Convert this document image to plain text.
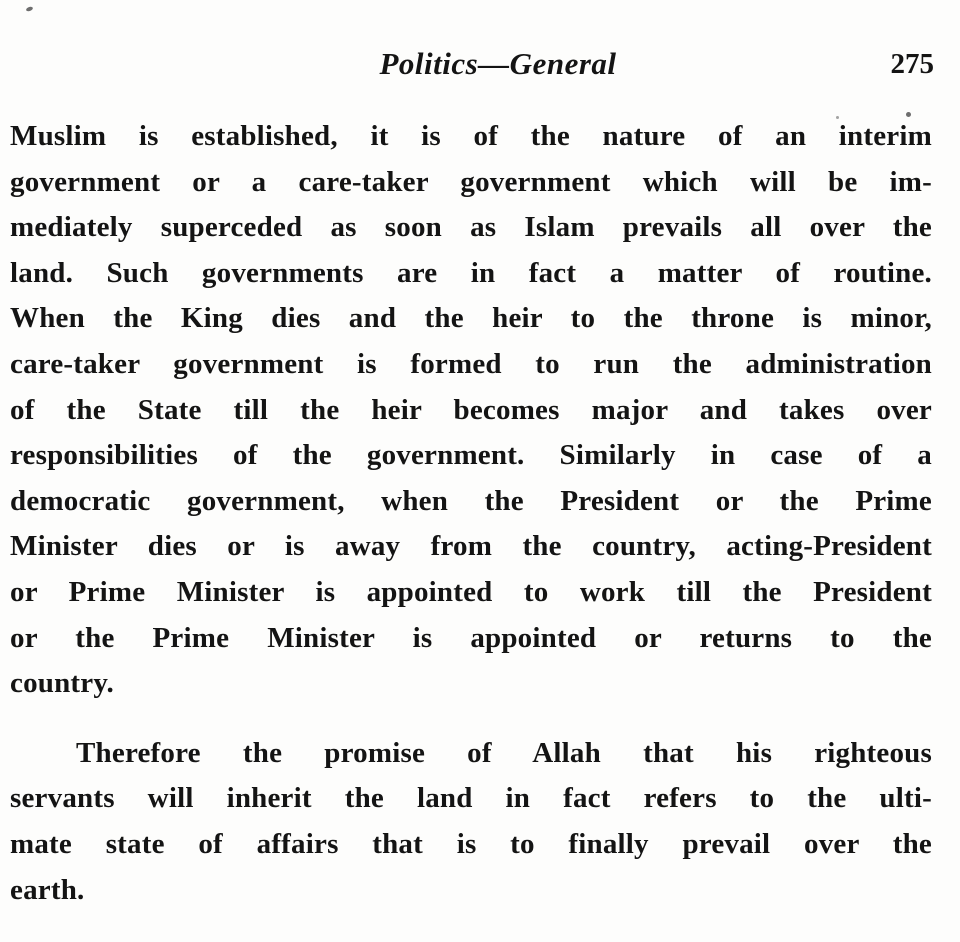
Politics—General	275
Muslim is established, it is of the nature of an interim
government or a care-taker government which will be im-
mediately superceded as soon as Islam prevails all over the
land. Such governments are in fact a matter of routine.
When the King dies and the heir to the throne is minor,
care-taker government is formed to run the administration
of the State till the heir becomes major and takes over
responsibilities of the government. Similarly in case of a
democratic government, when the President or the Prime
Minister dies or is away from the country, acting-President
or Prime Minister is appointed to work till the President
or the Prime Minister is appointed or returns to the
country.
Therefore the promise of Allah that his righteous
servants will inherit the land in fact refers to the ulti-
mate state of affairs that is to finally prevail over the
earth.
